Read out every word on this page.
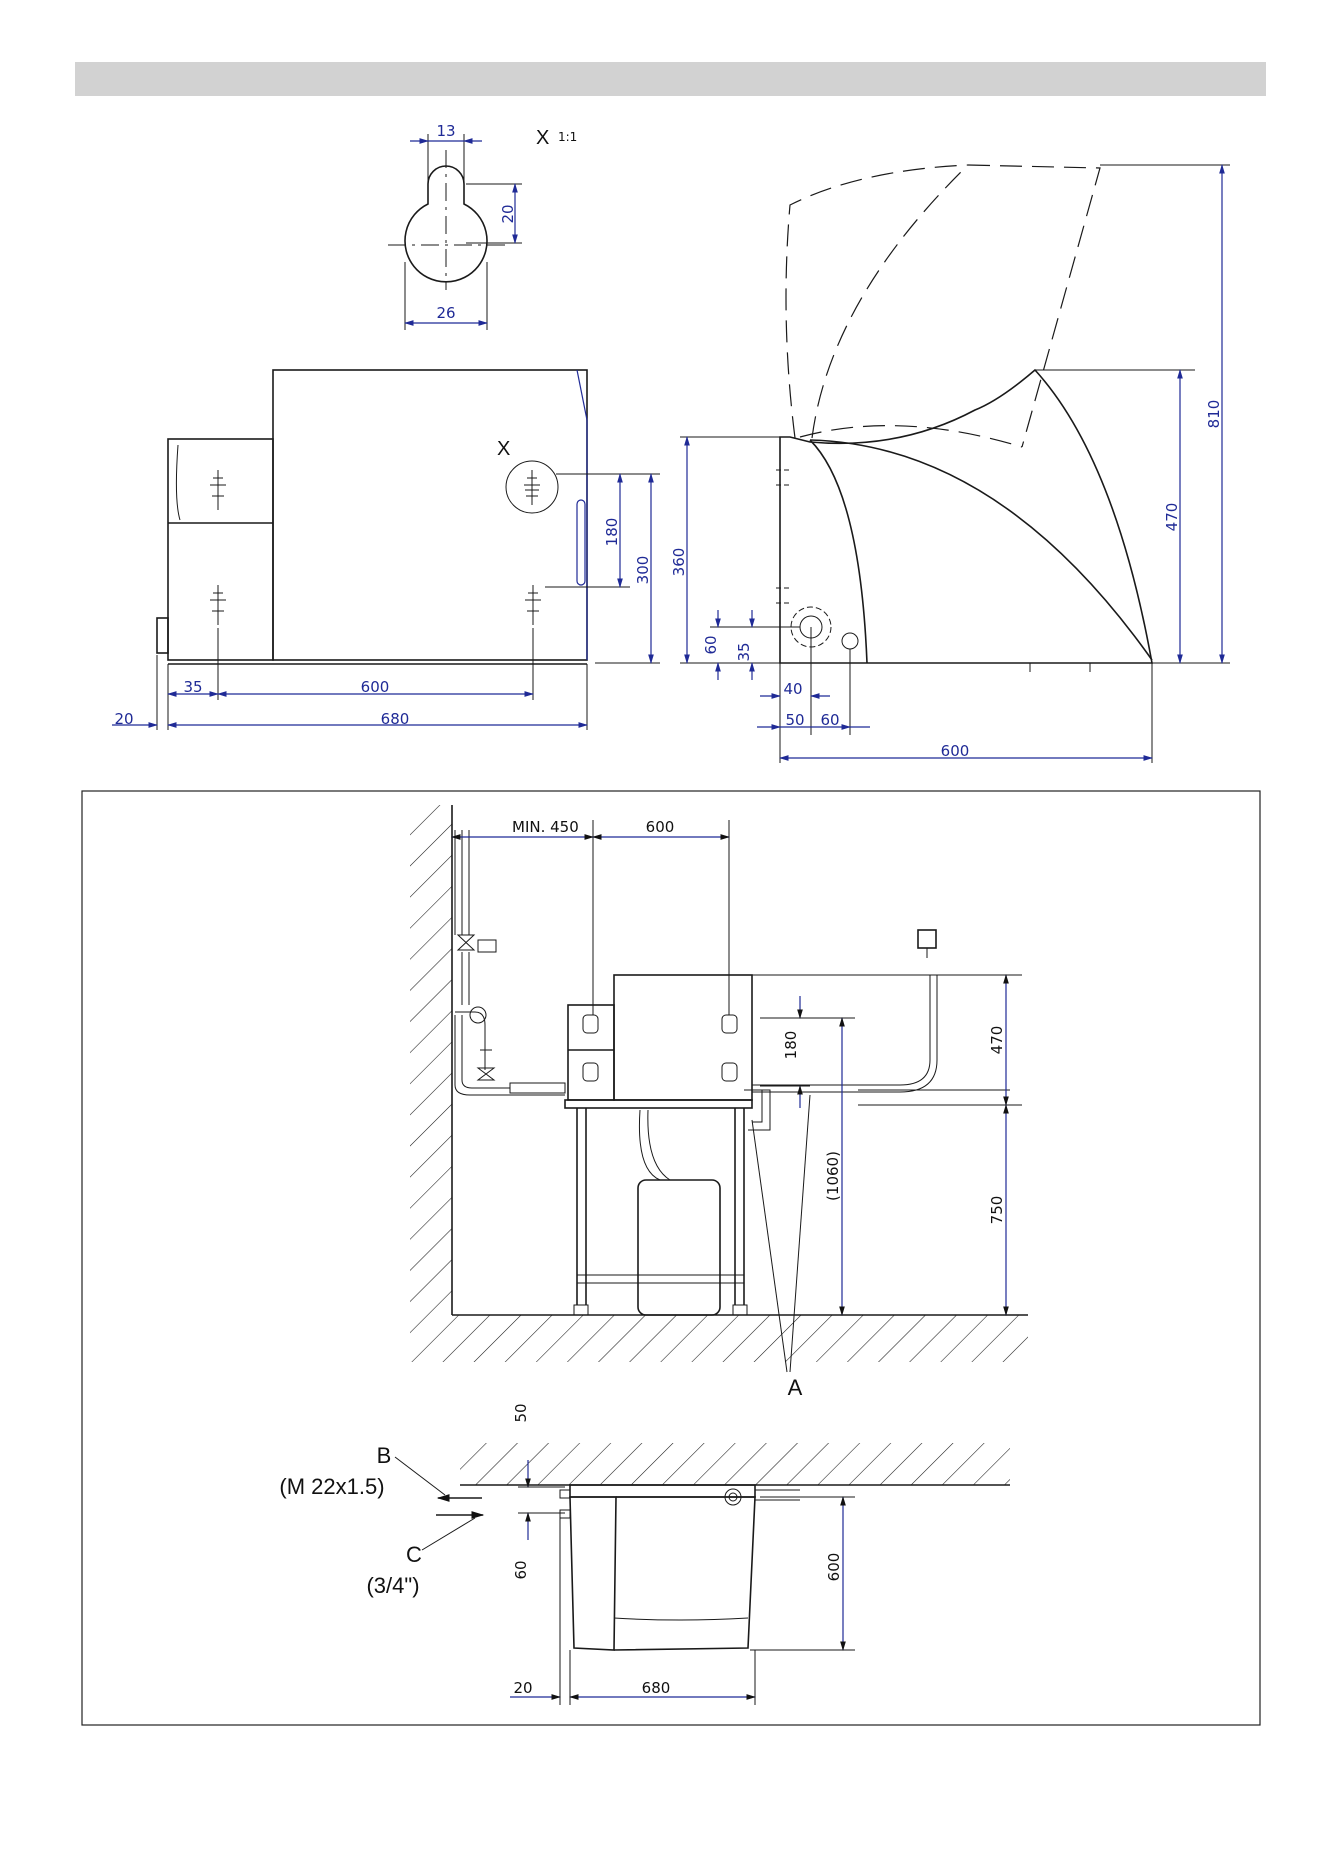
13
20
26
X 1:1
X
180
300
35	600
20	680
810
470
360
60 35
40
50 60
600
MIN. 450	600
180	470
(1060)
750
A
50
60	600
20	680
B
(M 22x1.5)
C
(3/4")
